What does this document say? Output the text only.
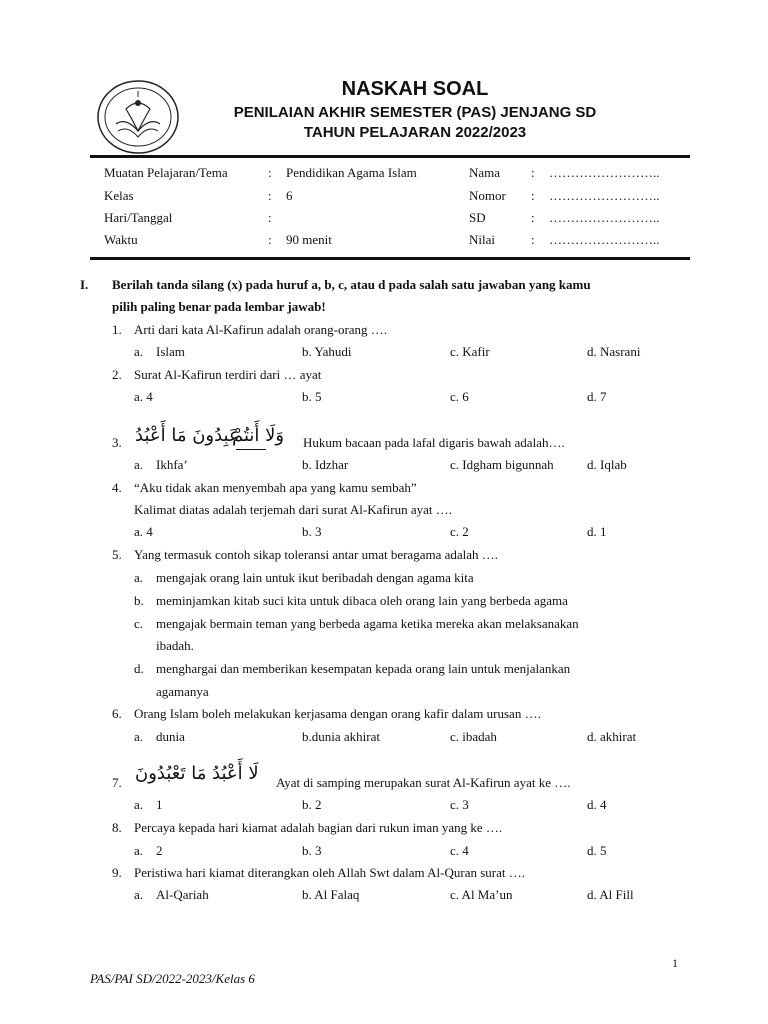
NASKAH SOAL
PENILAIAN AKHIR SEMESTER (PAS) JENJANG SD
TAHUN PELAJARAN 2022/2023
Muatan Pelajaran/Tema	: Pendidikan Agama Islam	Nama : ……………………..
Kelas	: 6	Nomor : ……………………..
Hari/Tanggal	:	SD	: ……………………..
Waktu	: 90 menit	Nilai	: ……………………..
I. Berilah tanda silang (x) pada huruf a, b, c, atau d pada salah satu jawaban yang kamu
pilih paling benar pada lembar jawab!
1. Arti dari kata Al-Kafirun adalah orang-orang ….
a. Islam	b. Yahudi	c. Kafir	d. Nasrani
2. Surat Al-Kafirun terdiri dari … ayat
a. 4	b. 5	c. 6	d. 7
3. عَبِدُونَ مَا أَعْبُدُ
وَلَا أَنتُمْ Hukum bacaan pada lafal digaris bawah adalah….
a. Ikhfa’	b. Idzhar	c. Idgham bigunnah	d. Iqlab
4. “Aku tidak akan menyembah apa yang kamu sembah”
Kalimat diatas adalah terjemah dari surat Al-Kafirun ayat ….
a. 4	b. 3	c. 2	d. 1
5. Yang termasuk contoh sikap toleransi antar umat beragama adalah ….
a. mengajak orang lain untuk ikut beribadah dengan agama kita
b. meminjamkan kitab suci kita untuk dibaca oleh orang lain yang berbeda agama
c. mengajak bermain teman yang berbeda agama ketika mereka akan melaksanakan
ibadah.
d. menghargai dan memberikan kesempatan kepada orang lain untuk menjalankan
agamanya
6. Orang Islam boleh melakukan kerjasama dengan orang kafir dalam urusan ….
a. dunia	b.dunia akhirat	c. ibadah	d. akhirat
7. لَا أَعْبُدُ مَا تَعْبُدُونَ Ayat di samping merupakan surat Al-Kafirun ayat ke ….
a. 1	b. 2	c. 3	d. 4
8. Percaya kepada hari kiamat adalah bagian dari rukun iman yang ke ….
a. 2	b. 3	c. 4	d. 5
9. Peristiwa hari kiamat diterangkan oleh Allah Swt dalam Al-Quran surat ….
a. Al-Qariah	b. Al Falaq	c. Al Ma’un	d. Al Fill
1
PAS/PAI SD/2022-2023/Kelas 6
